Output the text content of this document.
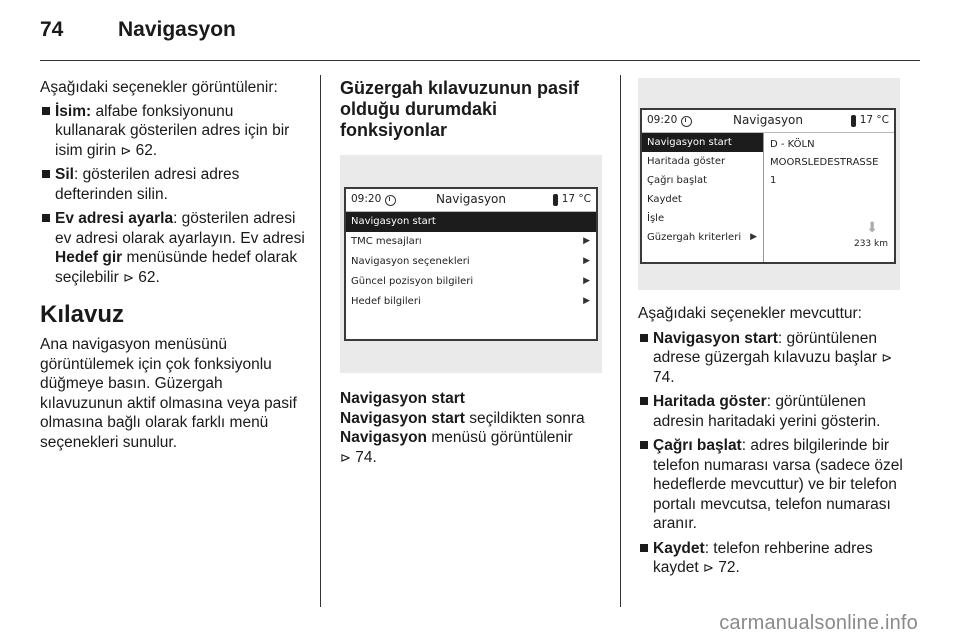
74	Navigasyon

Aşağıdaki seçenekler görüntülenir:

İsim: alfabe fonksiyonunu kullanarak gösterilen adres için bir isim girin ⊳ 62.
Sil: gösterilen adresi adres defterinden silin.
Ev adresi ayarla: gösterilen adresi ev adresi olarak ayarlayın. Ev adresi Hedef gir menüsünde hedef olarak seçilebilir ⊳ 62.
Kılavuz

Ana navigasyon menüsünü görüntülemek için çok fonksiyonlu düğmeye basın. Güzergah kılavuzunun aktif olmasına veya pasif olmasına bağlı olarak farklı menü seçenekleri sunulur.

Güzergah kılavuzunun pasif olduğu durumdaki fonksiyonlar
09:20	Navigasyon	17 °C
Navigasyon start
TMC mesajları	▶
Navigasyon seçenekleri	▶
Güncel pozisyon bilgileri	▶
Hedef bilgileri	▶

Navigasyon start

Navigasyon start seçildikten sonra Navigasyon menüsü görüntülenir
⊳ 74.

09:20	Navigasyon	17 °C
Navigasyon start
Haritada göster
Çağrı başlat
Kaydet
İşle
Güzergah kriterleri ▶
D - KÖLN
MOORSLEDESTRASSE
1
⬇
233 km

Aşağıdaki seçenekler mevcuttur:

Navigasyon start: görüntülenen adrese güzergah kılavuzu başlar ⊳ 74.
Haritada göster: görüntülenen adresin haritadaki yerini gösterin.
Çağrı başlat: adres bilgilerinde bir telefon numarası varsa (sadece özel hedeflerde mevcuttur) ve bir telefon portalı mevcutsa, telefon numarası aranır.
Kaydet: telefon rehberine adres kaydet ⊳ 72.
carmanualsonline.info
